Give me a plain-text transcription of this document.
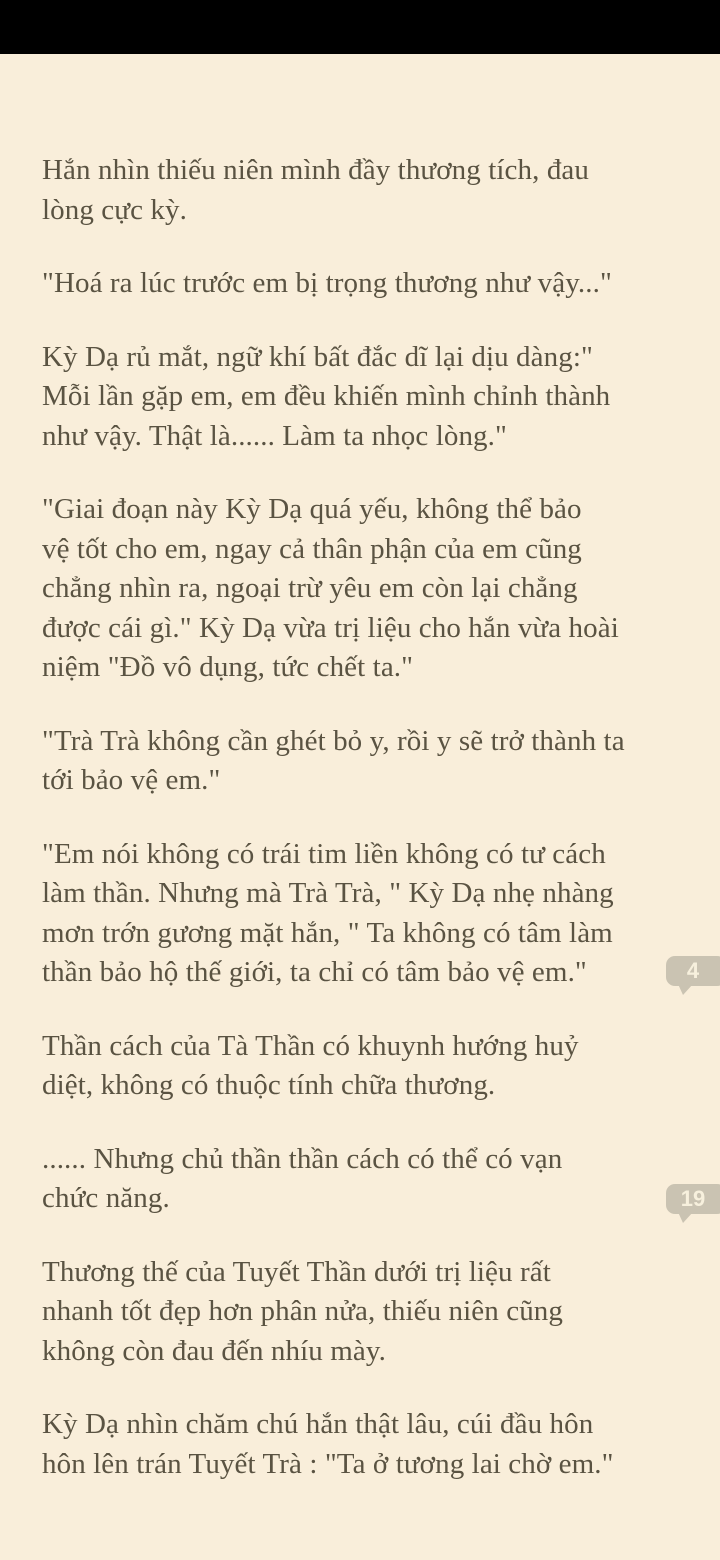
Hắn nhìn thiếu niên mình đầy thương tích, đau
lòng cực kỳ.
"Hoá ra lúc trước em bị trọng thương như vậy..."
Kỳ Dạ rủ mắt, ngữ khí bất đắc dĩ lại dịu dàng:"
Mỗi lần gặp em, em đều khiến mình chỉnh thành
như vậy. Thật là...... Làm ta nhọc lòng."
"Giai đoạn này Kỳ Dạ quá yếu, không thể bảo
vệ tốt cho em, ngay cả thân phận của em cũng
chẳng nhìn ra, ngoại trừ yêu em còn lại chẳng
được cái gì." Kỳ Dạ vừa trị liệu cho hắn vừa hoài
niệm "Đồ vô dụng, tức chết ta."
"Trà Trà không cần ghét bỏ y, rồi y sẽ trở thành ta
tới bảo vệ em."
"Em nói không có trái tim liền không có tư cách
làm thần. Nhưng mà Trà Trà, " Kỳ Dạ nhẹ nhàng
mơn trớn gương mặt hắn, " Ta không có tâm làm
thần bảo hộ thế giới, ta chỉ có tâm bảo vệ em."
Thần cách của Tà Thần có khuynh hướng huỷ
diệt, không có thuộc tính chữa thương.
...... Nhưng chủ thần thần cách có thể có vạn
chức năng.
Thương thế của Tuyết Thần dưới trị liệu rất
nhanh tốt đẹp hơn phân nửa, thiếu niên cũng
không còn đau đến nhíu mày.
Kỳ Dạ nhìn chăm chú hắn thật lâu, cúi đầu hôn
hôn lên trán Tuyết Trà : "Ta ở tương lai chờ em."
4
19
